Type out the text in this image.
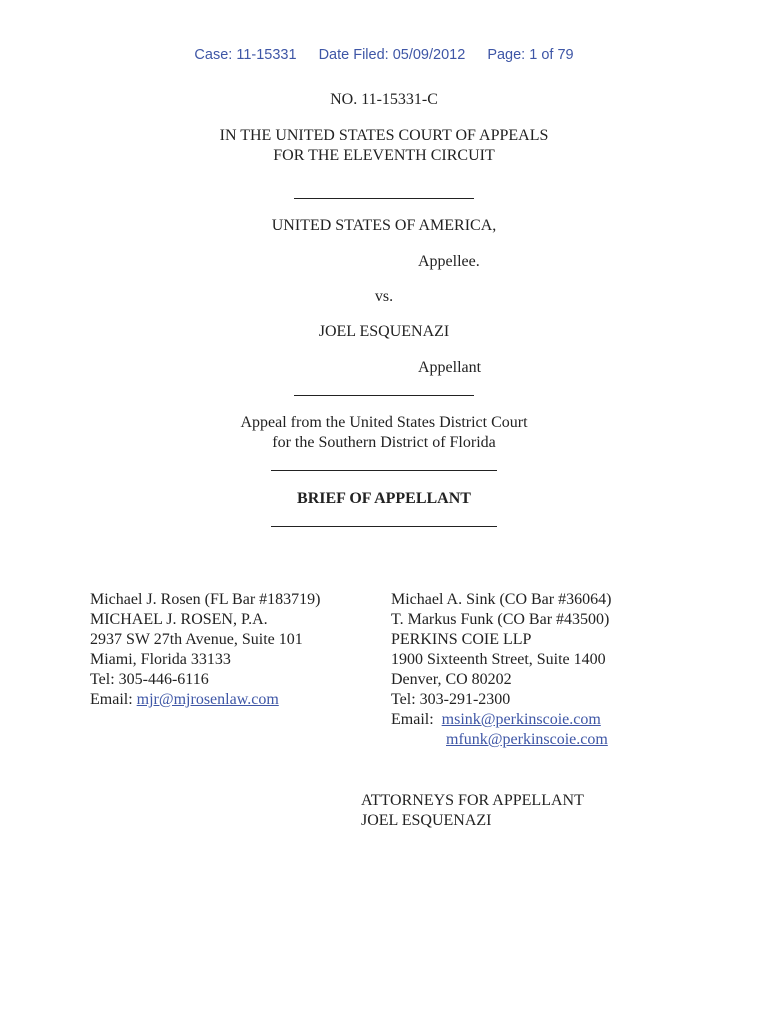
Case: 11-15331 Date Filed: 05/09/2012 Page: 1 of 79
NO. 11-15331-C
IN THE UNITED STATES COURT OF APPEALS
FOR THE ELEVENTH CIRCUIT
UNITED STATES OF AMERICA,
Appellee.
vs.
JOEL ESQUENAZI
Appellant
Appeal from the United States District Court
for the Southern District of Florida
BRIEF OF APPELLANT
Michael J. Rosen (FL Bar #183719)
MICHAEL J. ROSEN, P.A.
2937 SW 27th Avenue, Suite 101
Miami, Florida 33133
Tel: 305-446-6116
Email: mjr@mjrosenlaw.com
Michael A. Sink (CO Bar #36064)
T. Markus Funk (CO Bar #43500)
PERKINS COIE LLP
1900 Sixteenth Street, Suite 1400
Denver, CO 80202
Tel: 303-291-2300
Email:  msink@perkinscoie.com
mfunk@perkinscoie.com
ATTORNEYS FOR APPELLANT
JOEL ESQUENAZI
